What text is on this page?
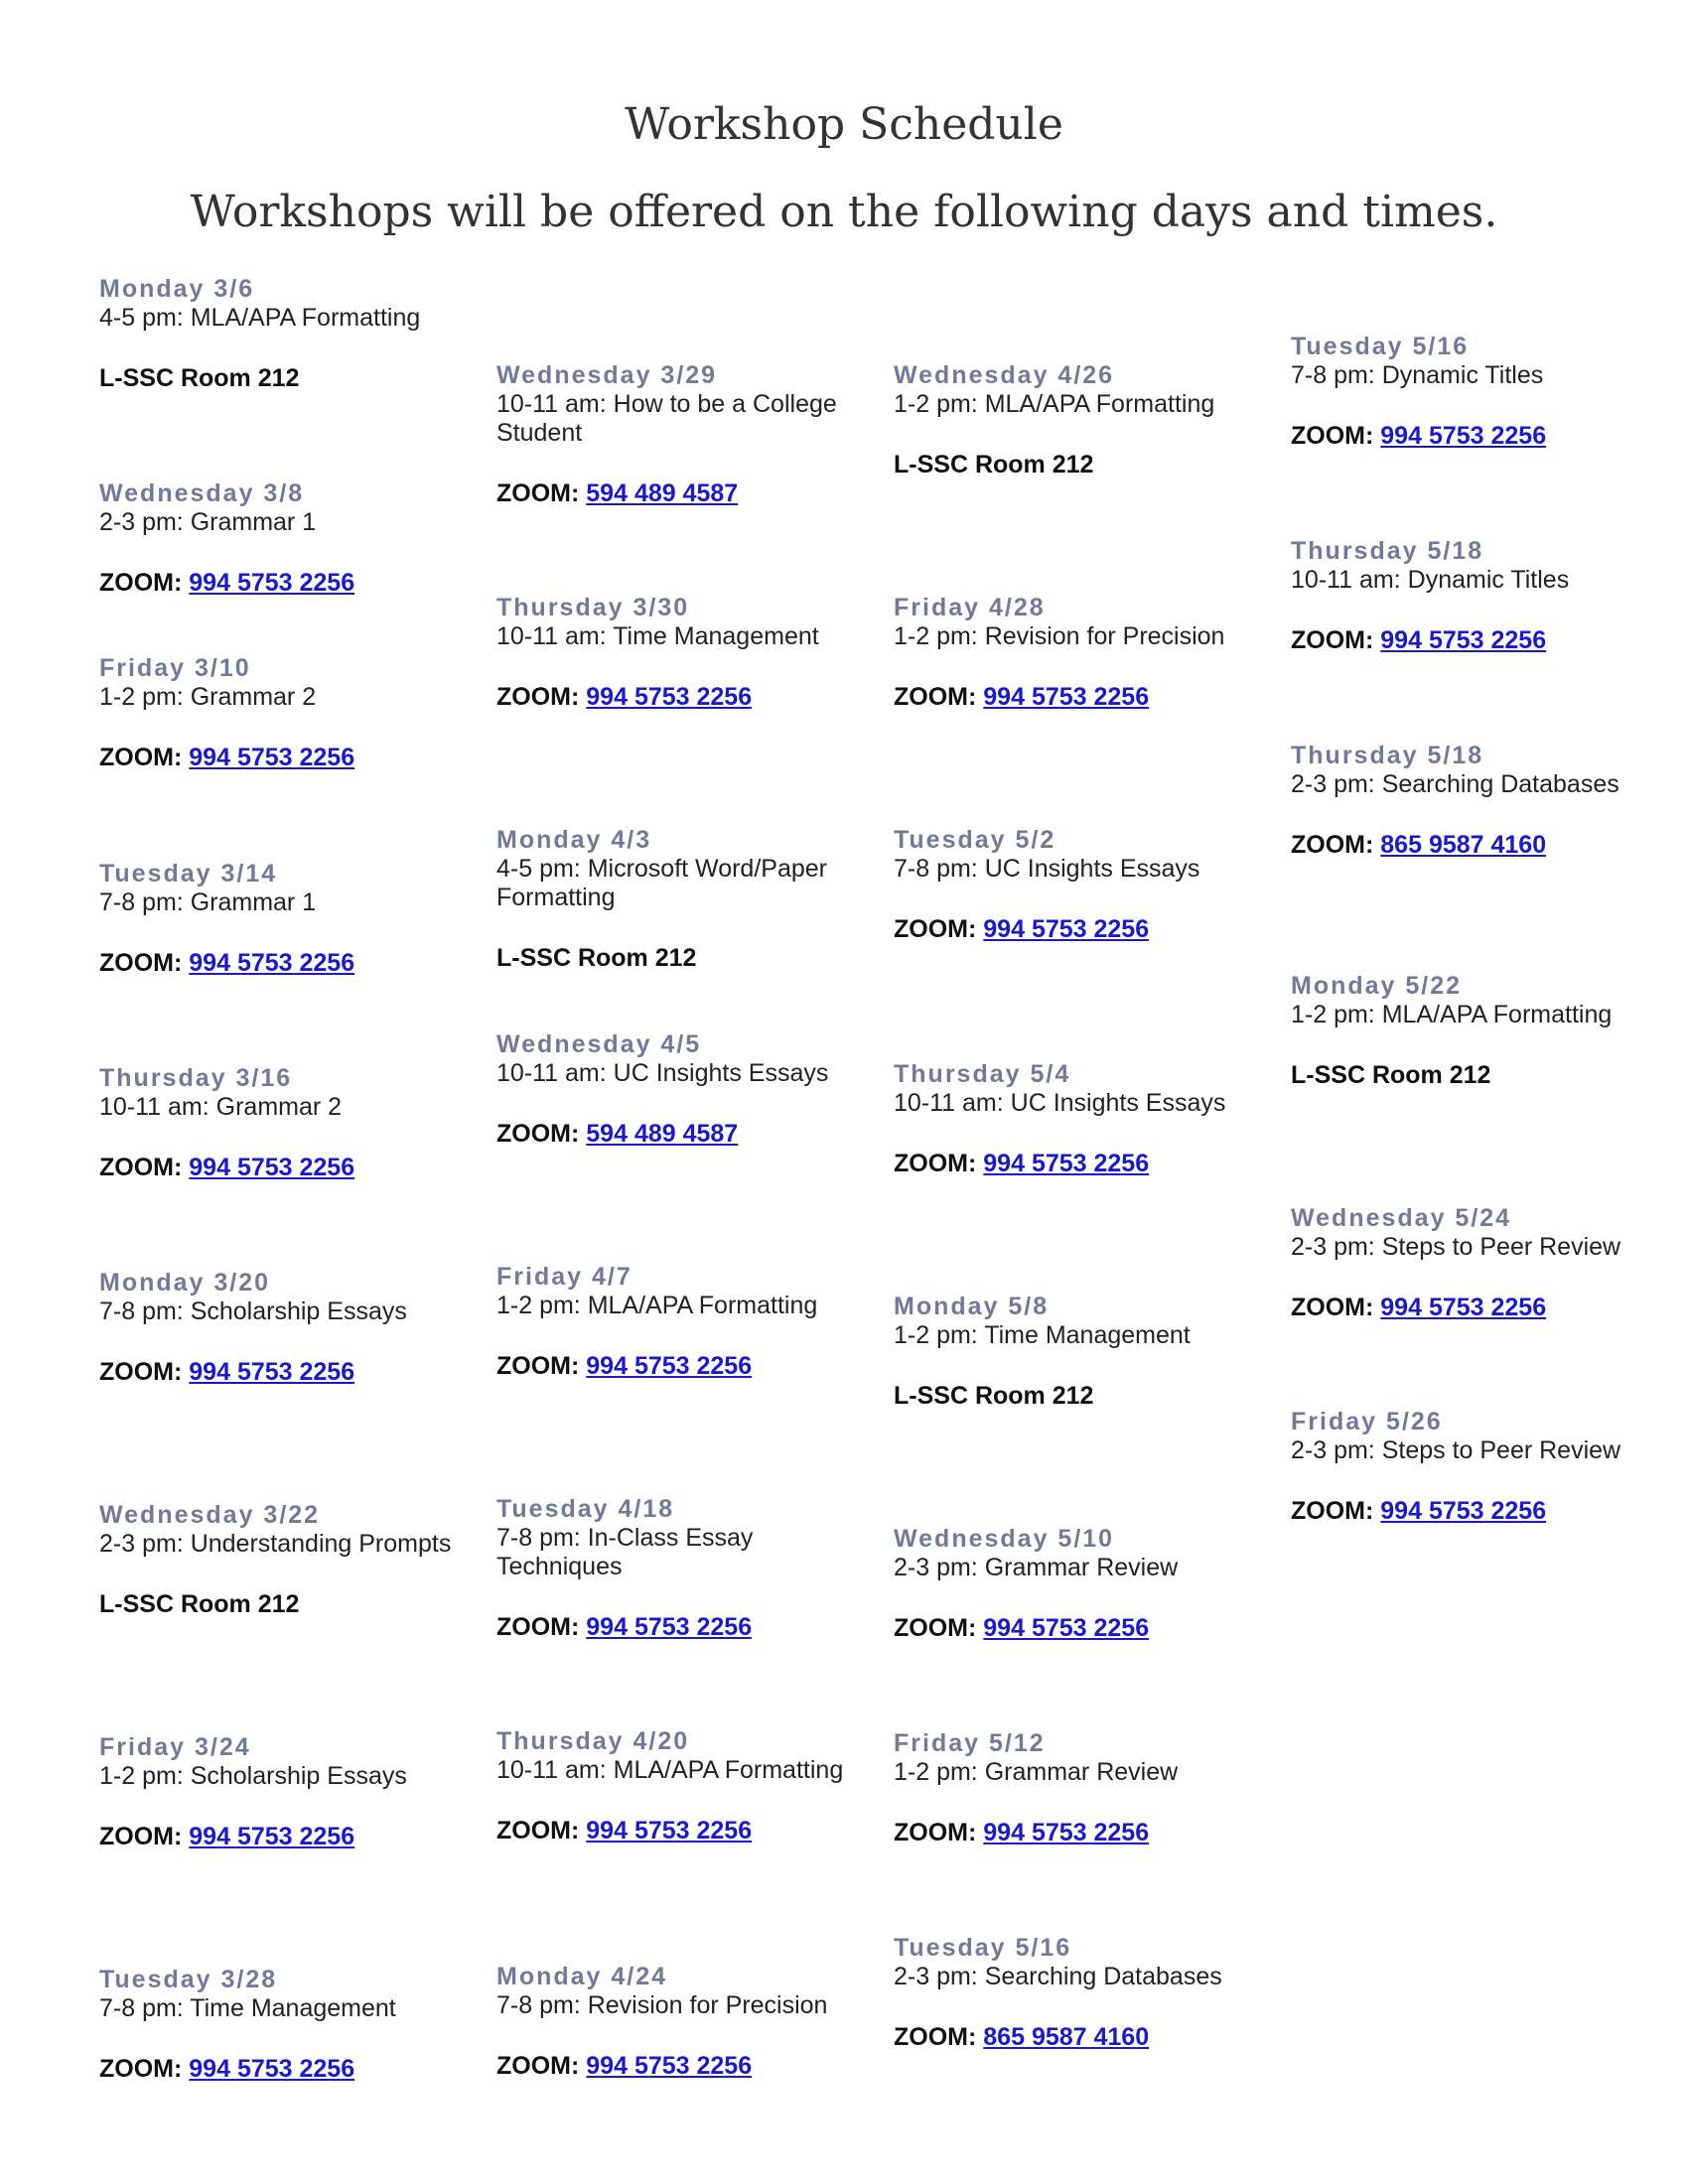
Workshop Schedule
Workshops will be offered on the following days and times.
Monday 3/6
4-5 pm: MLA/APA Formatting
L-SSC Room 212
Wednesday 3/8
2-3 pm: Grammar 1
ZOOM: 994 5753 2256
Friday 3/10
1-2 pm: Grammar 2
ZOOM: 994 5753 2256
Tuesday 3/14
7-8 pm: Grammar 1
ZOOM: 994 5753 2256
Thursday 3/16
10-11 am: Grammar 2
ZOOM: 994 5753 2256
Monday 3/20
7-8 pm: Scholarship Essays
ZOOM: 994 5753 2256
Wednesday 3/22
2-3 pm: Understanding Prompts
L-SSC Room 212
Friday 3/24
1-2 pm: Scholarship Essays
ZOOM: 994 5753 2256
Tuesday 3/28
7-8 pm: Time Management
ZOOM: 994 5753 2256
Wednesday 3/29
10-11 am: How to be a College Student
ZOOM: 594 489 4587
Thursday 3/30
10-11 am: Time Management
ZOOM: 994 5753 2256
Monday 4/3
4-5 pm: Microsoft Word/Paper Formatting
L-SSC Room 212
Wednesday 4/5
10-11 am: UC Insights Essays
ZOOM: 594 489 4587
Friday 4/7
1-2 pm: MLA/APA Formatting
ZOOM: 994 5753 2256
Tuesday 4/18
7-8 pm: In-Class Essay Techniques
ZOOM: 994 5753 2256
Thursday 4/20
10-11 am: MLA/APA Formatting
ZOOM: 994 5753 2256
Monday 4/24
7-8 pm: Revision for Precision
ZOOM: 994 5753 2256
Wednesday 4/26
1-2 pm: MLA/APA Formatting
L-SSC Room 212
Friday 4/28
1-2 pm: Revision for Precision
ZOOM: 994 5753 2256
Tuesday 5/2
7-8 pm: UC Insights Essays
ZOOM: 994 5753 2256
Thursday 5/4
10-11 am: UC Insights Essays
ZOOM: 994 5753 2256
Monday 5/8
1-2 pm: Time Management
L-SSC Room 212
Wednesday 5/10
2-3 pm: Grammar Review
ZOOM: 994 5753 2256
Friday 5/12
1-2 pm: Grammar Review
ZOOM: 994 5753 2256
Tuesday 5/16
2-3 pm: Searching Databases
ZOOM: 865 9587 4160
Tuesday 5/16
7-8 pm: Dynamic Titles
ZOOM: 994 5753 2256
Thursday 5/18
10-11 am: Dynamic Titles
ZOOM: 994 5753 2256
Thursday 5/18
2-3 pm: Searching Databases
ZOOM: 865 9587 4160
Monday 5/22
1-2 pm: MLA/APA Formatting
L-SSC Room 212
Wednesday 5/24
2-3 pm: Steps to Peer Review
ZOOM: 994 5753 2256
Friday 5/26
2-3 pm: Steps to Peer Review
ZOOM: 994 5753 2256
